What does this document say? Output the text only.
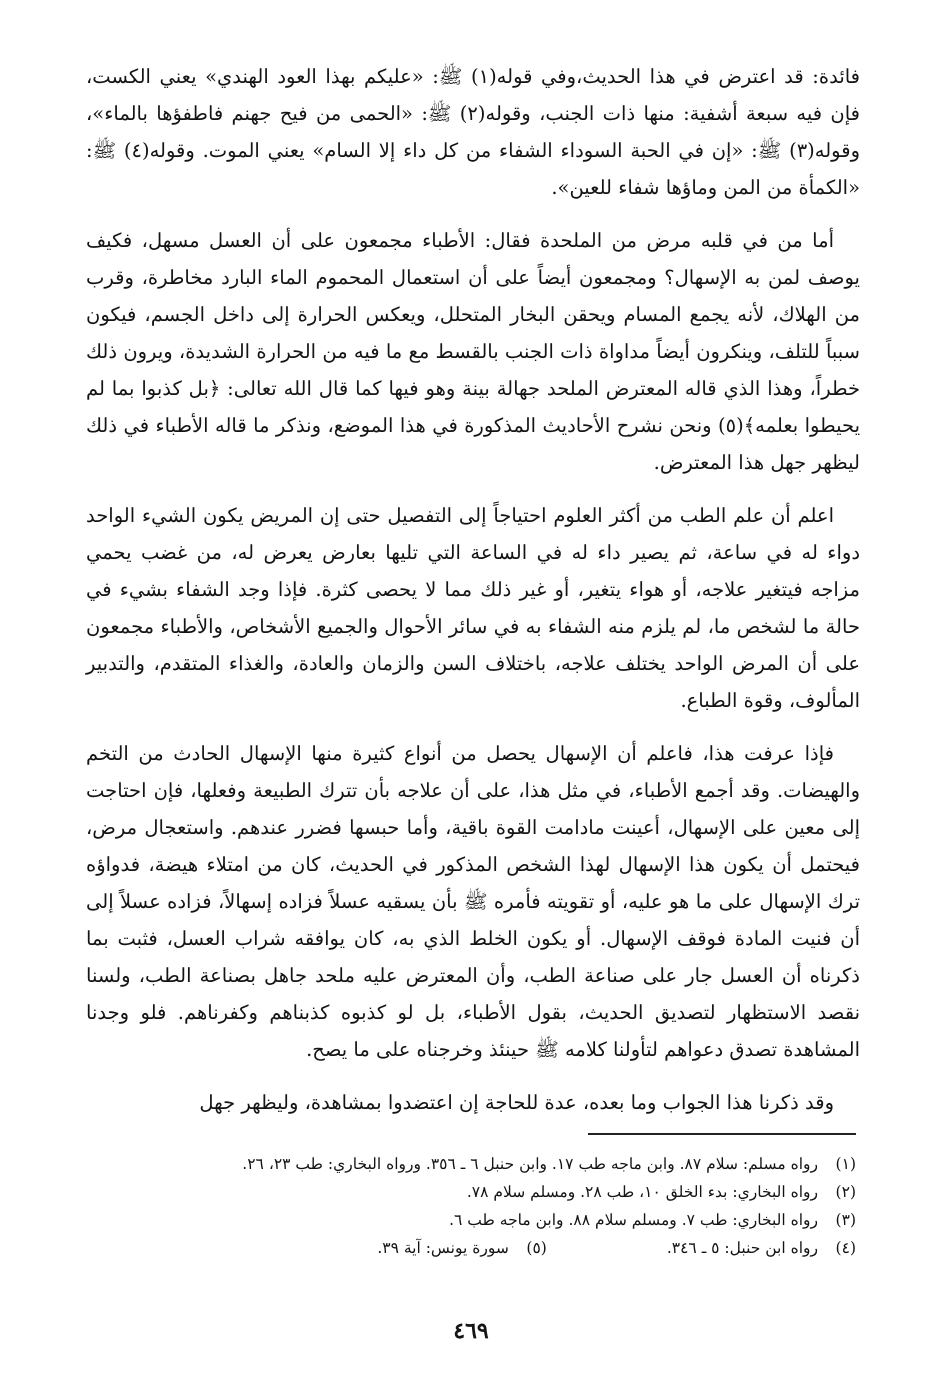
فائدة: قد اعترض في هذا الحديث،وفي قوله(١) ﷺ: «عليكم بهذا العود الهندي» يعني الكست، فإن فيه سبعة أشفية: منها ذات الجنب، وقوله(٢) ﷺ: «الحمى من فيح جهنم فاطفؤها بالماء»، وقوله(٣) ﷺ: «إن في الحبة السوداء الشفاء من كل داء إلا السام» يعني الموت. وقوله(٤) ﷺ: «الكمأة من المن وماؤها شفاء للعين».

أما من في قلبه مرض من الملحدة فقال: الأطباء مجمعون على أن العسل مسهل، فكيف يوصف لمن به الإسهال؟ ومجمعون أيضاً على أن استعمال المحموم الماء البارد مخاطرة، وقرب من الهلاك، لأنه يجمع المسام ويحقن البخار المتحلل، ويعكس الحرارة إلى داخل الجسم، فيكون سبباً للتلف، وينكرون أيضاً مداواة ذات الجنب بالقسط مع ما فيه من الحرارة الشديدة، ويرون ذلك خطراً، وهذا الذي قاله المعترض الملحد جهالة بينة وهو فيها كما قال الله تعالى: ﴿بل كذبوا بما لم يحيطوا بعلمه﴾(٥) ونحن نشرح الأحاديث المذكورة في هذا الموضع، ونذكر ما قاله الأطباء في ذلك ليظهر جهل هذا المعترض.

اعلم أن علم الطب من أكثر العلوم احتياجاً إلى التفصيل حتى إن المريض يكون الشيء الواحد دواء له في ساعة، ثم يصير داء له في الساعة التي تليها بعارض يعرض له، من غضب يحمي مزاجه فيتغير علاجه، أو هواء يتغير، أو غير ذلك مما لا يحصى كثرة. فإذا وجد الشفاء بشيء في حالة ما لشخص ما، لم يلزم منه الشفاء به في سائر الأحوال والجميع الأشخاص، والأطباء مجمعون على أن المرض الواحد يختلف علاجه، باختلاف السن والزمان والعادة، والغذاء المتقدم، والتدبير المألوف، وقوة الطباع.

فإذا عرفت هذا، فاعلم أن الإسهال يحصل من أنواع كثيرة منها الإسهال الحادث من التخم والهيضات. وقد أجمع الأطباء، في مثل هذا، على أن علاجه بأن تترك الطبيعة وفعلها، فإن احتاجت إلى معين على الإسهال، أعينت مادامت القوة باقية، وأما حبسها فضرر عندهم. واستعجال مرض، فيحتمل أن يكون هذا الإسهال لهذا الشخص المذكور في الحديث، كان من امتلاء هيضة، فدواؤه ترك الإسهال على ما هو عليه، أو تقويته فأمره ﷺ بأن يسقيه عسلاً فزاده إسهالاً، فزاده عسلاً إلى أن فنيت المادة فوقف الإسهال. أو يكون الخلط الذي به، كان يوافقه شراب العسل، فثبت بما ذكرناه أن العسل جار على صناعة الطب، وأن المعترض عليه ملحد جاهل بصناعة الطب، ولسنا نقصد الاستظهار لتصديق الحديث، بقول الأطباء، بل لو كذبوه كذبناهم وكفرناهم. فلو وجدنا المشاهدة تصدق دعواهم لتأولنا كلامه ﷺ حينئذ وخرجناه على ما يصح.

وقد ذكرنا هذا الجواب وما بعده، عدة للحاجة إن اعتضدوا بمشاهدة، وليظهر جهل

(١)
رواه مسلم: سلام ٨٧. وابن ماجه طب ١٧. وابن حنبل ٦ ـ ٣٥٦. ورواه البخاري: طب ٢٣، ٢٦.
(٢)
رواه البخاري: بدء الخلق ١٠، طب ٢٨. ومسلم سلام ٧٨.
(٣)
رواه البخاري: طب ٧. ومسلم سلام ٨٨. وابن ماجه طب ٦.
(٤)
رواه ابن حنبل: ٥ ـ ٣٤٦.
(٥)
سورة يونس: آية ٣٩.
٤٦٩
